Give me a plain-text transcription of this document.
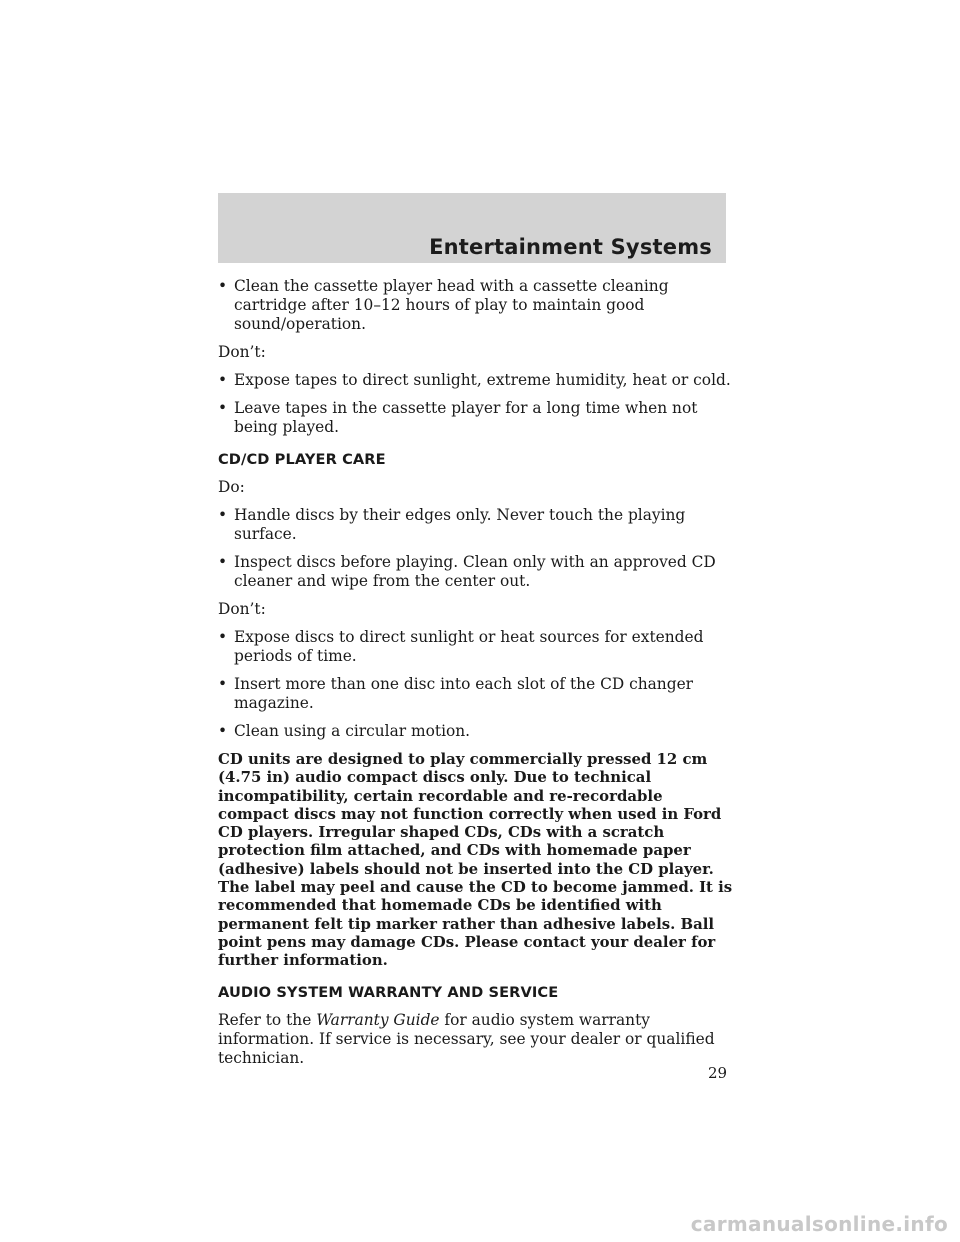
Entertainment Systems
• Clean the cassette player head with a cassette cleaning cartridge after 10–12 hours of play to maintain good sound/operation.
Don’t:
• Expose tapes to direct sunlight, extreme humidity, heat or cold.
• Leave tapes in the cassette player for a long time when not being played.
CD/CD PLAYER CARE
Do:
• Handle discs by their edges only. Never touch the playing surface.
• Inspect discs before playing. Clean only with an approved CD cleaner and wipe from the center out.
Don’t:
• Expose discs to direct sunlight or heat sources for extended periods of time.
• Insert more than one disc into each slot of the CD changer magazine.
• Clean using a circular motion.
CD units are designed to play commercially pressed 12 cm (4.75 in) audio compact discs only. Due to technical incompatibility, certain recordable and re-recordable compact discs may not function correctly when used in Ford CD players. Irregular shaped CDs, CDs with a scratch protection film attached, and CDs with homemade paper (adhesive) labels should not be inserted into the CD player. The label may peel and cause the CD to become jammed. It is recommended that homemade CDs be identified with permanent felt tip marker rather than adhesive labels. Ball point pens may damage CDs. Please contact your dealer for further information.
AUDIO SYSTEM WARRANTY AND SERVICE
Refer to the Warranty Guide for audio system warranty information. If service is necessary, see your dealer or qualified technician.
29
carmanualsonline.info
